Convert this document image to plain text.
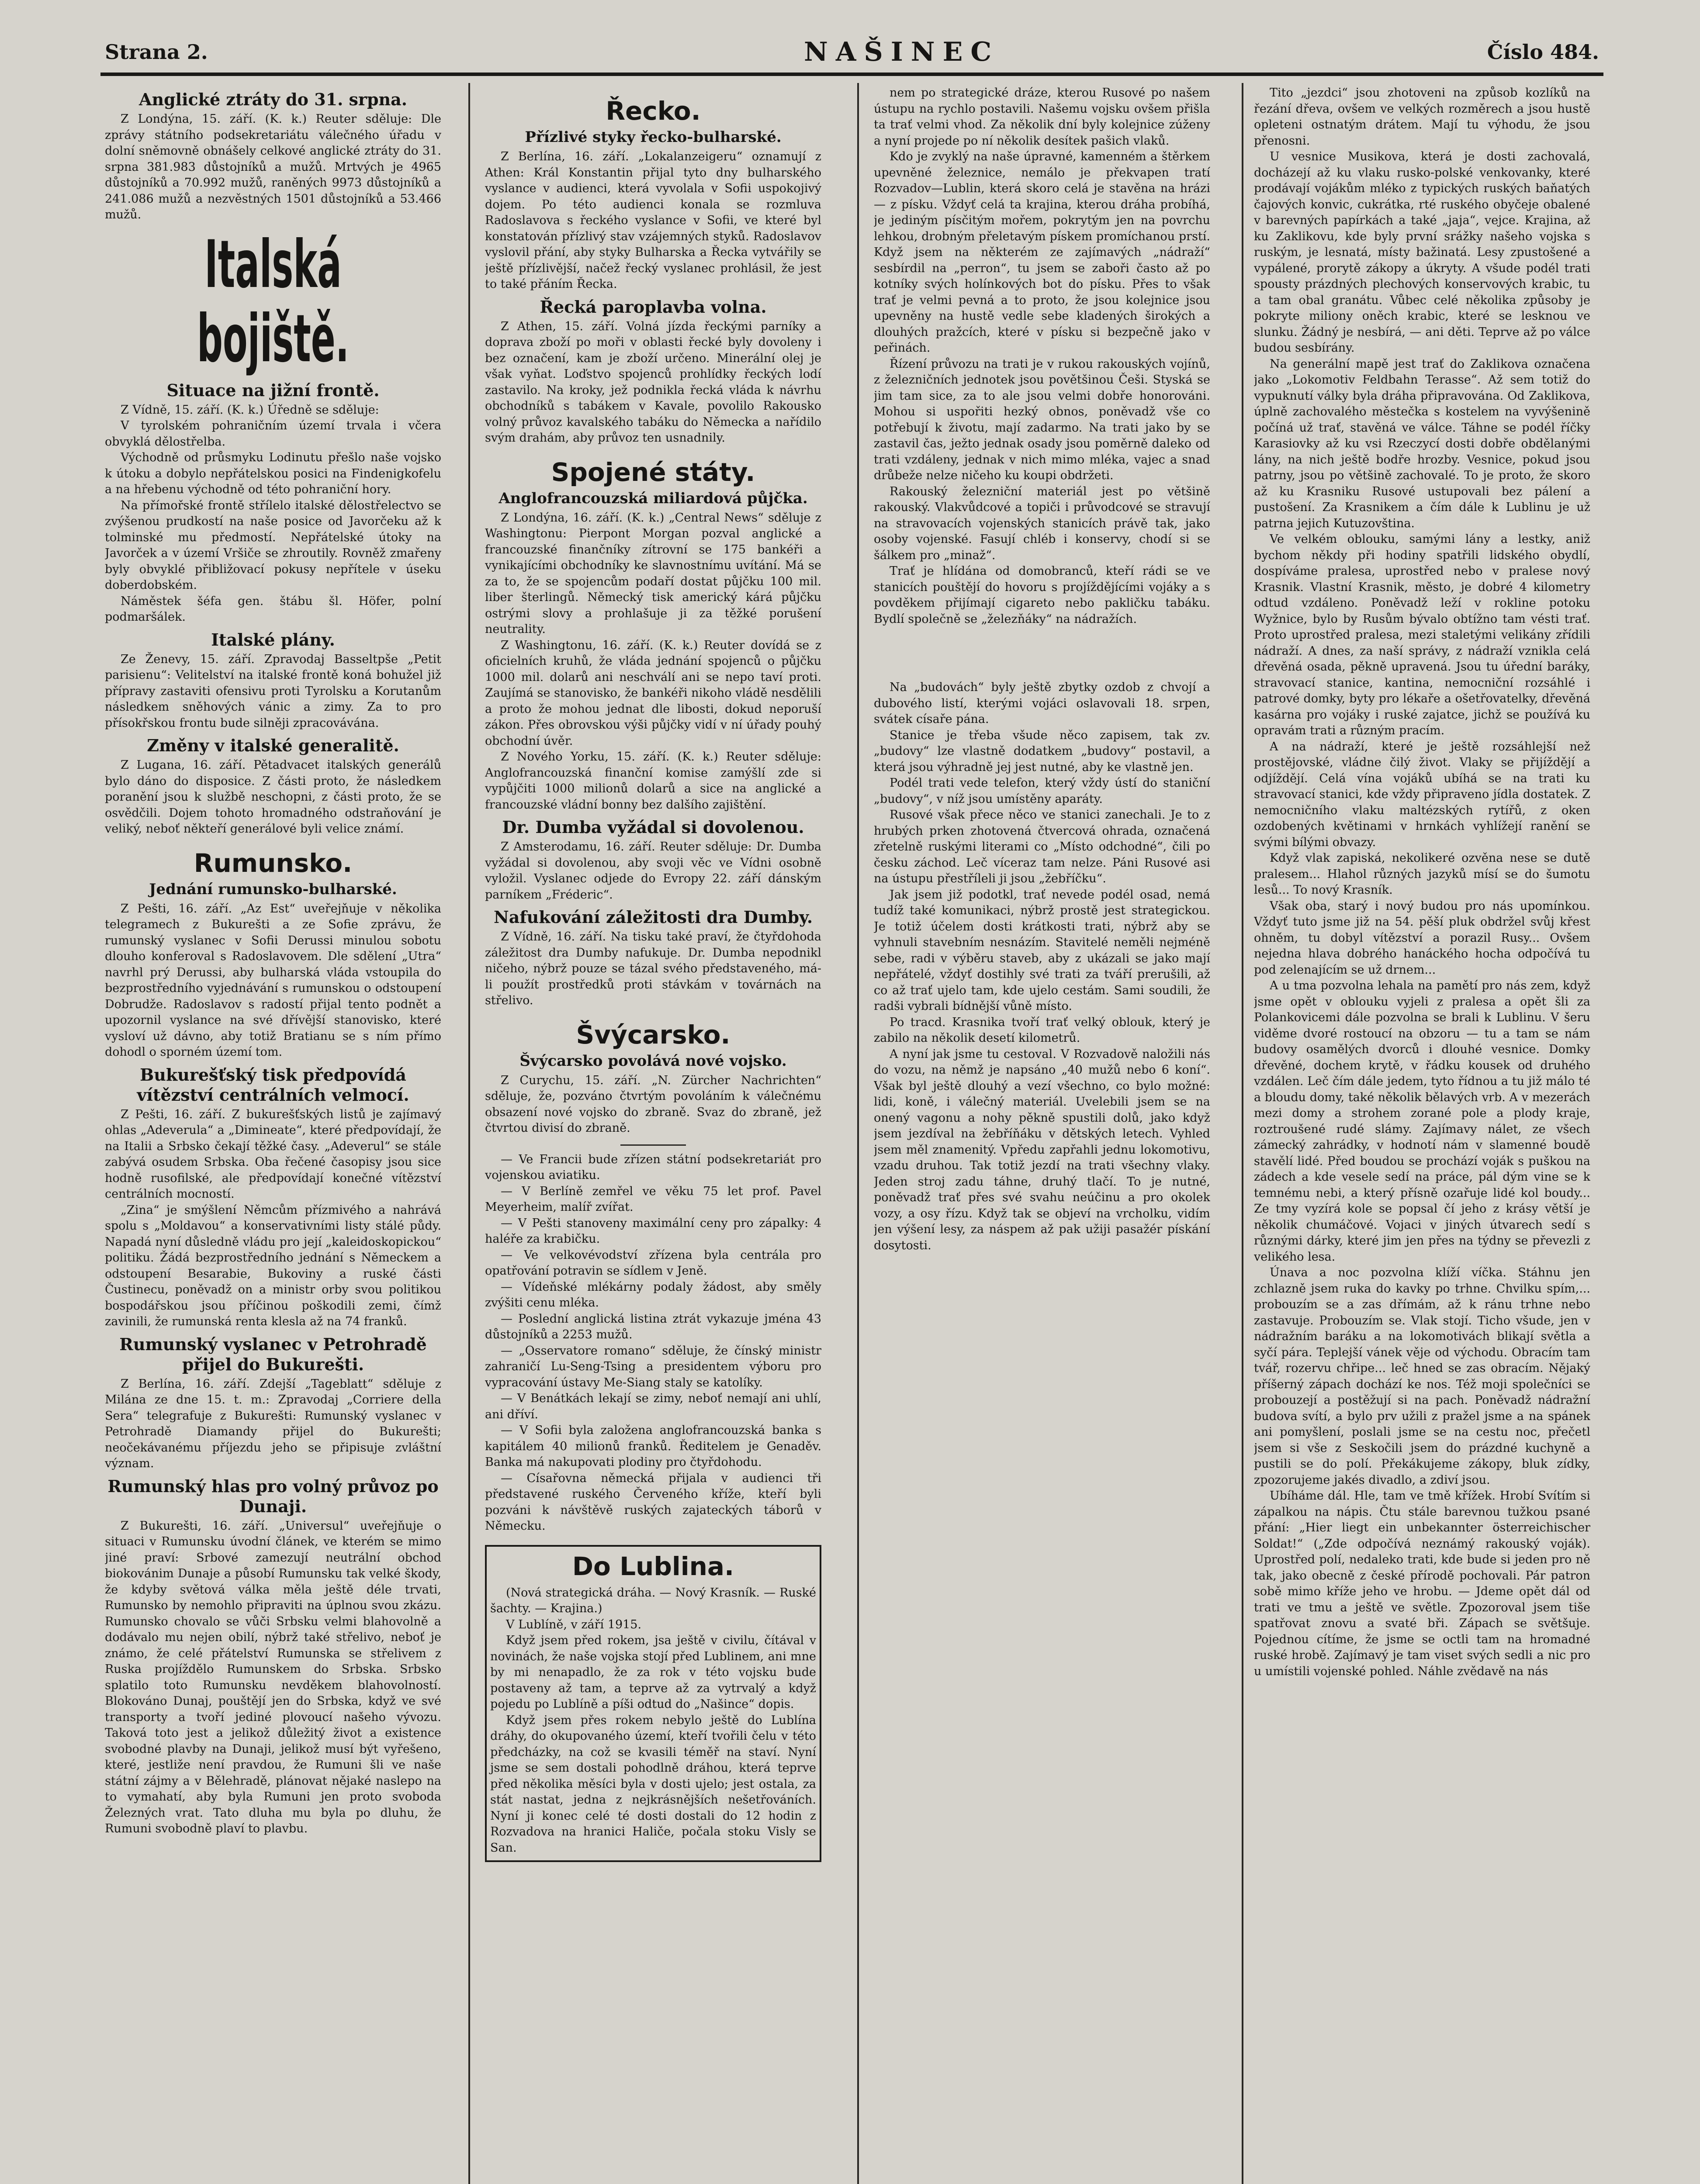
Strana 2.	NAŠINEC	Číslo 484.
Anglické ztráty do 31. srpna.
Z Londýna, 15. září. (K. k.) Reuter sděluje: Dle zprávy státního podsekretariátu válečného úřadu v dolní sněmovně obnášely celkové anglické ztráty do 31. srpna 381.983 důstojníků a mužů. Mrtvých je 4965 důstojníků a 70.992 mužů, raněných 9973 důstojníků a 241.086 mužů a nezvěstných 1501 důstojníků a 53.466 mužů.
Italská bojiště.
Situace na jižní frontě.
Z Vídně, 15. září. (K. k.) Úředně se sděluje:
V tyrolském pohraničním území trvala i včera obvyklá dělostřelba.
Východně od průsmyku Lodinutu přešlo naše vojsko k útoku a dobylo nepřátelskou posici na Findenigkofelu a na hřebenu východně od této pohraniční hory.
Na přímořské frontě střílelo italské dělostřelectvo se zvýšenou prudkostí na naše posice od Javorčeku až k tolminské mu předmostí. Nepřátelské útoky na Javorček a v území Vršiče se zhroutily. Rovněž zmařeny byly obvyklé přibližovací pokusy nepřítele v úseku doberdobském.
Náměstek šéfa gen. štábu šl. Höfer, polní podmaršálek.
Italské plány.
Ze Ženevy, 15. září. Zpravodaj Basseltpše „Petit parisienu“: Velitelství na italské frontě koná bohužel již přípravy zastaviti ofensivu proti Tyrolsku a Korutanům následkem sněhových vánic a zimy. Za to pro přísokřskou frontu bude silněji zpracovávána.
Změny v italské generalitě.
Z Lugana, 16. září. Pětadvacet italských generálů bylo dáno do disposice. Z části proto, že následkem poranění jsou k službě neschopni, z části proto, že se osvědčili. Dojem tohoto hromadného odstraňování je veliký, neboť někteří generálové byli velice známí.
Rumunsko.
Jednání rumunsko-bulharské.
Z Pešti, 16. září. „Az Est“ uveřejňuje v několika telegramech z Bukurešti a ze Sofie zprávu, že rumunský vyslanec v Sofii Derussi minulou sobotu dlouho konferoval s Radoslavovem. Dle sdělení „Utra“ navrhl prý Derussi, aby bulharská vláda vstoupila do bezprostředního vyjednávání s rumunskou o odstoupení Dobrudže. Radoslavov s radostí přijal tento podnět a upozornil vyslance na své dřívější stanovisko, které vysloví už dávno, aby totiž Bratianu se s ním přímo dohodl o sporném území tom.
Bukurešťský tisk předpovídá vítězství centrálních velmocí.
Z Pešti, 16. září. Z bukurešťských listů je zajímavý ohlas „Adeverula“ a „Diminеate“, které předpovídají, že na Italii a Srbsko čekají těžké časy. „Adeverul“ se stále zabývá osudem Srbska. Oba řečené časopisy jsou sice hodně rusofilské, ale předpovídají konečné vítězství centrálních mocností.
„Zina“ je smýšlení Němcům přízmivého a nahrává spolu s „Moldavou“ a konservativními listy stálé půdy. Napadá nyní důsledně vládu pro její „kaleidoskopickou“ politiku. Žádá bezprostředního jednání s Německem a odstoupení Besarabie, Bukoviny a ruské části Čustinecu, poněvadž on a ministr orby svou politikou bospodářskou jsou příčinou poškodili zemi, čímž zavinili, že rumunská renta klesla až na 74 franků.
Rumunský vyslanec v Petrohradě přijel do Bukurešti.
Z Berlína, 16. září. Zdejší „Tageblatt“ sděluje z Milána ze dne 15. t. m.: Zpravodaj „Corriere della Sera“ telegrafuje z Bukurešti: Rumunský vyslanec v Petrohradě Diamandy přijel do Bukurešti; neočekávanému příjezdu jeho se připisuje zvláštní význam.
Rumunský hlas pro volný průvoz po Dunaji.
Z Bukurešti, 16. září. „Universul“ uveřejňuje o situaci v Rumunsku úvodní článek, ve kterém se mimo jiné praví: Srbové zamezují neutrální obchod biokovánim Dunaje a působí Rumunsku tak velké škody, že kdyby světová válka měla ještě déle trvati, Rumunsko by nemohlo připraviti na úplnou svou zkázu. Rumunsko chovalo se vůči Srbsku velmi blahovolně a dodávalo mu nejen obilí, nýbrž také střelivo, neboť je známo, že celé přátelství Rumunska se střelivem z Ruska projíždělo Rumunskem do Srbska. Srbsko splatilo toto Rumunsku nevděkem blahovolností. Blokováno Dunaj, pouštějí jen do Srbska, když ve své transporty a tvoří jediné plovoucí našeho vývozu. Taková toto jest a jelikož důležitý život a existence svobodné plavby na Dunaji, jelikož musí být vyřešeno, které, jestliže není pravdou, že Rumuni šli ve naše státní zájmy a v Bělehradě, plánovat nějaké naslepo na to vymahatí, aby byla Rumuni jen proto svoboda Železných vrat. Tato dluha mu byla po dluhu, že Rumuni svobodně plaví to plavbu.
Řecko.
Přízlivé styky řecko-bulharské.
Z Berlína, 16. září. „Lokalanzeigeru“ oznamují z Athen: Král Konstantin přijal tyto dny bulharského vyslance v audienci, která vyvolala v Sofii uspokojivý dojem. Po této audienci konala se rozmluva Radoslavova s řeckého vyslance v Sofii, ve které byl konstatován přízlivý stav vzájemných styků. Radoslavov vyslovil přání, aby styky Bulharska a Řecka vytvářily se ještě přízlivější, načež řecký vyslanec prohlásil, že jest to také přáním Řecka.
Řecká paroplavba volna.
Z Athen, 15. září. Volná jízda řeckými parníky a doprava zboží po moři v oblasti řecké byly dovoleny i bez označení, kam je zboží určeno. Minerální olej je však vyňat. Loďstvo spojenců prohlídky řeckých lodí zastavilo. Na kroky, jež podnikla řecká vláda k návrhu obchodníků s tabákem v Kavale, povolilo Rakousko volný průvoz kavalského tabáku do Německa a nařídilo svým drahám, aby průvoz ten usnadnily.
Spojené státy.
Anglofrancouzská miliardová půjčka.
Z Londýna, 16. září. (K. k.) „Central News“ sděluje z Washingtonu: Pierpont Morgan pozval anglické a francouzské finančníky zítrovní se 175 bankéři a vynikajícími obchodníky ke slavnostnímu uvítání. Má se za to, že se spojencům podaří dostat půjčku 100 mil. liber šterlingů. Německý tisk americký kárá půjčku ostrými slovy a prohlašuje ji za těžké porušení neutrality.
Z Washingtonu, 16. září. (K. k.) Reuter dovídá se z oficielních kruhů, že vláda jednání spojenců o půjčku 1000 mil. dolarů ani neschválí ani se nepo taví proti. Zaujímá se stanovisko, že bankéři nikoho vládě nesdělili a proto že mohou jednat dle libosti, dokud neporuší zákon. Přes obrovskou výši půjčky vidí v ní úřady pouhý obchodní úvěr.
Z Nového Yorku, 15. září. (K. k.) Reuter sděluje: Anglofrancouzská finanční komise zamýšlí zde si vypůjčiti 1000 milionů dolarů a sice na anglické a francouzské vládní bonny bez dalšího zajištění.
Dr. Dumba vyžádal si dovolenou.
Z Amsterodamu, 16. září. Reuter sděluje: Dr. Dumba vyžádal si dovolenou, aby svoji věc ve Vídni osobně vyložil. Vyslanec odjede do Evropy 22. září dánským parníkem „Fréderic“.
Nafukování záležitosti dra Dumby.
Z Vídně, 16. září. Na tisku také praví, že čtyřdohoda záležitost dra Dumby nafukuje. Dr. Dumba nepodnikl ničeho, nýbrž pouze se tázal svého představeného, má-li použít prostředků proti stávkám v továrnách na střelivo.
Švýcarsko.
Švýcarsko povolává nové vojsko.
Z Curychu, 15. září. „N. Zürcher Nachrichten“ sděluje, že, pozváno čtvrtým povoláním k válečnému obsazení nové vojsko do zbraně. Svaz do zbraně, jež čtvrtou divisí do zbraně.
— Ve Francii bude zřízen státní podsekretariát pro vojenskou aviatiku.
— V Berlíně zemřel ve věku 75 let prof. Pavel Meyerheim, malíř zvířat.
— V Pešti stanoveny maximální ceny pro zápalky: 4 haléře za krabičku.
— Ve velkovévodství zřízena byla centrála pro opatřování potravin se sídlem v Jeně.
— Vídeňské mlékárny podaly žádost, aby směly zvýšiti cenu mléka.
— Poslední anglická listina ztrát vykazuje jména 43 důstojníků a 2253 mužů.
— „Osservatore romano“ sděluje, že čínský ministr zahraničí Lu-Seng-Tsing a presidentem výboru pro vypracování ústavy Me-Siang staly se katolíky.
— V Benátkách lekají se zimy, neboť nemají ani uhlí, ani dříví.
— V Sofii byla založena anglofrancouzská banka s kapitálem 40 milionů franků. Ředitelem je Genaděv. Banka má nakupovati plodiny pro čtyřdohodu.
— Císařovna německá přijala v audienci tři představené ruského Červeného kříže, kteří byli pozváni k návštěvě ruských zajateckých táborů v Německu.
Do Lublina.
(Nová strategická dráha. — Nový Krasník. — Ruské šachty. — Krajina.)
V Lublíně, v září 1915.
Když jsem před rokem, jsa ještě v civilu, čítával v novinách, že naše vojska stojí před Lublinem, ani mne by mi nenapadlo, že za rok v této vojsku bude postaveny až tam, a teprve až za vytrvalý a když pojedu po Lublíně a píši odtud do „Našince“ dopis.
Když jsem přes rokem nebylo ještě do Lublína dráhy, do okupovaného území, kteří tvořili čelu v této předcházky, na což se kvasili téměř na staví. Nyní jsme se sem dostali pohodlně dráhou, která teprve před několika měsíci byla v dosti ujelo; jest ostala, za stát nastat, jedna z nejkrásnějších nešetřováních. Nyní ji konec celé té dosti dostali do 12 hodin z Rozvadova na hranici Haliče, počala stoku Visly se San.
nem po strategické dráze, kterou Rusové po našem ústupu na rychlo postavili. Našemu vojsku ovšem přišla ta trať velmi vhod. Za několik dní byly kolejnice zúženy a nyní projede po ní několik desítek pašich vlaků.
Kdo je zvyklý na naše úpravné, kamenném a štěrkem upevněné železnice, nemálo je překvapen tratí Rozvadov—Lublin, která skoro celá je stavěna na hrázi — z písku. Vždyť celá ta krajina, kterou dráha probíhá, je jediným písčitým mořem, pokrytým jen na povrchu lehkou, drobným přeletavým pískem promíchanou prstí. Když jsem na některém ze zajímavých „nádraží“ sesbírdil na „perron“, tu jsem se zaboři často až po kotníky svých holínkových bot do písku. Přes to však trať je velmi pevná a to proto, že jsou kolejnice jsou upevněny na hustě vedle sebe kladených širokých a dlouhých pražcích, které v písku si bezpečně jako v peřinách.
Řízení průvozu na trati je v rukou rakouských vojínů, z železničních jednotek jsou povětšinou Češi. Styská se jim tam sice, za to ale jsou velmi dobře honorováni. Mohou si uspořiti hezký obnos, poněvadž vše co potřebují k životu, mají zadarmo. Na trati jako by se zastavil čas, ježto jednak osady jsou poměrně daleko od trati vzdáleny, jednak v nich mimo mléka, vajec a snad drůbeže nelze ničeho ku koupi obdržeti.
Rakouský železniční materiál jest po většině rakouský. Vlakvůdcové a topiči i průvodcové se stravují na stravovacích vojenských stanicích právě tak, jako osoby vojenské. Fasují chléb i konservy, chodí si se šálkem pro „minaž“.
Trať je hlídána od domobranců, kteří rádi se ve stanicích pouštějí do hovoru s projíždějícími vojáky a s povděkem přijímají cigareto nebo pakličku tabáku. Bydlí společně se „železňáky“ na nádražích.
Na „budovách“ byly ještě zbytky ozdob z chvojí a dubového listí, kterými vojáci oslavovali 18. srpen, svátek císaře pána.
Stanice je třeba všude něco zapisem, tak zv. „budovy“ lze vlastně dodatkem „budovy“ postavil, a která jsou výhradně jej jest nutné, aby ke vlastně jen.
Podél trati vede telefon, který vždy ústí do staniční „budovy“, v níž jsou umístěny aparáty.
Rusové však přece něco ve stanici zanechali. Je to z hrubých prken zhotovená čtvercová ohrada, označená zřetelně ruskými literami co „Místo odchodné“, čili po česku záchod. Leč víceraz tam nelze. Páni Rusové asi na ústupu přestříleli ji jsou „žebříčku“.
Jak jsem již podotkl, trať nevede podél osad, nemá tudíž také komunikaci, nýbrž prostě jest strategickou. Je totiž účelem dosti krátkosti trati, nýbrž aby se vyhnuli stavebním nesnázím. Stavitelé neměli nejméně sebe, radi v výběru staveb, aby z ukázali se jako mají nepřátelé, vždyť dostihly své trati za tváří prerušili, až co až trať ujelo tam, kde ujelo cestám. Sami soudili, že radši vybrali bídnější vůně místo.
Po tracd. Krasnika tvoří trať velký oblouk, který je zabilo na několik desetí kilometrů.
A nyní jak jsme tu cestoval. V Rozvadově naložili nás do vozu, na němž je napsáno „40 mužů nebo 6 koní“. Však byl ještě dlouhý a vezí všechno, co bylo možné: lidi, koně, i válečný materiál. Uvelebili jsem se na onený vagonu a nohy pěkně spustili dolů, jako když jsem jezdíval na žebříňáku v dětských letech. Vyhled jsem měl znamenitý. Vpředu zapřahli jednu lokomotivu, vzadu druhou. Tak totiž jezdí na trati všechny vlaky. Jeden stroj zadu táhne, druhý tlačí. To je nutné, poněvadž trať přes své svahu neúčinu a pro okolek vozy, a osy řízu. Když tak se objeví na vrcholku, vidím jen výšení lesy, za náspem až pak užiji pasažér pískání dosytosti.
Tito „jezdci“ jsou zhotoveni na způsob kozlíků na řezání dřeva, ovšem ve velkých rozměrech a jsou hustě opleteni ostnatým drátem. Mají tu výhodu, že jsou přenosni.
U vesnice Musikova, která je dosti zachovalá, docházejí až ku vlaku rusko-polské venkovanky, které prodávají vojákům mléko z typických ruských baňatých čajových konvic, cukrátka, rté ruského obyčeje obalené v barevných papírkách a také „jaja“, vejce. Krajina, až ku Zaklikovu, kde byly první srážky našeho vojska s ruským, je lesnatá, místy bažinatá. Lesy zpustošené a vypálené, prorytě zákopy a úkryty. A všude podél trati spousty prázdných plechových konservových krabic, tu a tam obal granátu. Vůbec celé několika způsoby je pokryte miliony oněch krabic, které se lesknou ve slunku. Žádný je nesbírá, — ani děti. Teprve až po válce budou sesbírány.
Na generální mapě jest trať do Zaklikova označena jako „Lokomotiv Feldbahn Terasse“. Až sem totiž do vypuknutí války byla dráha připravována. Od Zaklikova, úplně zachovalého městečka s kostelem na vyvýšenině počíná už trať, stavěná ve válce. Táhne se podél říčky Karasiovky až ku vsi Rzeczycí dosti dobře obdělanými lány, na nich ještě bodře hrozby. Vesnice, pokud jsou patrny, jsou po většině zachovalé. To je proto, že skoro až ku Krasniku Rusové ustupovali bez pálení a pustošení. Za Krasnikem a čím dále k Lublinu je už patrna jejich Kutuzovština.
Ve velkém oblouku, samými lány a lestky, aniž bychom někdy při hodiny spatřili lidského obydlí, dospíváme pralesa, uprostřed nebo v pralese nový Krasnik. Vlastní Krasnik, město, je dobré 4 kilometry odtud vzdáleno. Poněvadž leží v rokline potoku Wyžnice, bylo by Rusům bývalo obtížno tam vésti trať. Proto uprostřed pralesa, mezi staletými velikány zřídili nádraží. A dnes, za naší správy, z nádraží vznikla celá dřevěná osada, pěkně upravená. Jsou tu úřední baráky, stravovací stanice, kantina, nemocniční rozsáhlé i patrové domky, byty pro lékaře a ošetřovatelky, dřevěná kasárna pro vojáky i ruské zajatce, jichž se používá ku opravám trati a různým pracím.
A na nádraží, které je ještě rozsáhlejší než prostějovské, vládne čilý život. Vlaky se přijíždějí a odjíždějí. Celá vína vojáků ubíhá se na trati ku stravovací stanici, kde vždy připraveno jídla dostatek. Z nemocničního vlaku maltézských rytířů, z oken ozdobených květinami v hrnkách vyhlížejí ranění se svými bílými obvazy.
Když vlak zapiská, nekolikeré ozvěna nese se dutě pralesem... Hlahol různých jazyků mísí se do šumotu lesů... To nový Krasník.
Však oba, starý i nový budou pro nás upomínkou. Vždyť tuto jsme již na 54. pěší pluk obdržel svůj křest ohněm, tu dobyl vítězství a porazil Rusy... Ovšem nejedna hlava dobrého hanáckého hocha odpočívá tu pod zelenajícím se už drnem...
A u tma pozvolna lehala na pamětí pro nás zem, když jsme opět v oblouku vyjeli z pralesa a opět šli za Polankovicemi dále pozvolna se brali k Lublinu. V šeru viděme dvoré rostoucí na obzoru — tu a tam se nám budovy osamělých dvorců i dlouhé vesnice. Domky dřevěné, dochem krytě, v řádku kousek od druhého vzdálen. Leč čím dále jedem, tyto řídnou a tu již málo té a bloudu domy, také několik bělavých vrb. A v mezerách mezi domy a strohem zorané pole a plody kraje, roztroušené rudé slámy. Zajímavy nálet, ze všech zámecký zahrádky, v hodnotí nám v slamenné boudě stavělí lidé. Před boudou se prochází voják s puškou na zádech a kde vesele sedí na práce, pál dým vine se k temnému nebi, a který přísně ozařuje lidé kol boudy... Ze tmy vyzírá kole se popsal čí jeho z krásy větší je několik chumáčové. Vojaci v jiných útvarech sedí s různými dárky, které jim jen přes na týdny se převezli z velikého lesa.
Únava a noc pozvolna klíží víčka. Stáhnu jen zchlazně jsem ruka do kavky po trhne. Chvilku spím,... probouzím se a zas dřímám, až k ránu trhne nebo zastavuje. Probouzím se. Vlak stojí. Ticho všude, jen v nádražním baráku a na lokomotivách blikají světla a syčí pára. Teplejší vánek věje od východu. Obracím tam tvář, rozervu chřipe... leč hned se zas obracím. Nějaký příšerný zápach dochází ke nos. Též moji společníci se probouzejí a postěžují si na pach. Poněvadž nádražní budova svítí, a bylo prv užili z pražel jsme a na spánek ani pomyšlení, poslali jsme se na cestu noc, přečetl jsem si vše z Seskočili jsem do prázdné kuchyně a pustili se do polí. Překákujeme zákopy, bluk zídky, zpozorujeme jakés divadlo, a zdiví jsou.
Ubíháme dál. Hle, tam ve tmě křížek. Hrobí Svítím si zápalkou na nápis. Čtu stále barevnou tužkou psané přání: „Hier liegt ein unbekannter österreichischer Soldat!“ („Zde odpočívá neznámý rakouský voják). Uprostřed polí, nedaleko trati, kde bude si jeden pro ně tak, jako obecně z české přírodě pochovali. Pár patron sobě mimo kříže jeho ve hrobu. — Jdeme opět dál od trati ve tmu a ještě ve světle. Zpozoroval jsem tiše spatřovat znovu a svaté bři. Zápach se světšuje. Pojednou cítíme, že jsme se octli tam na hromadné ruské hrobě. Zajímavý je tam viset svých sedli a nic pro u umístili vojenské pohled. Náhle zvědavě na nás
